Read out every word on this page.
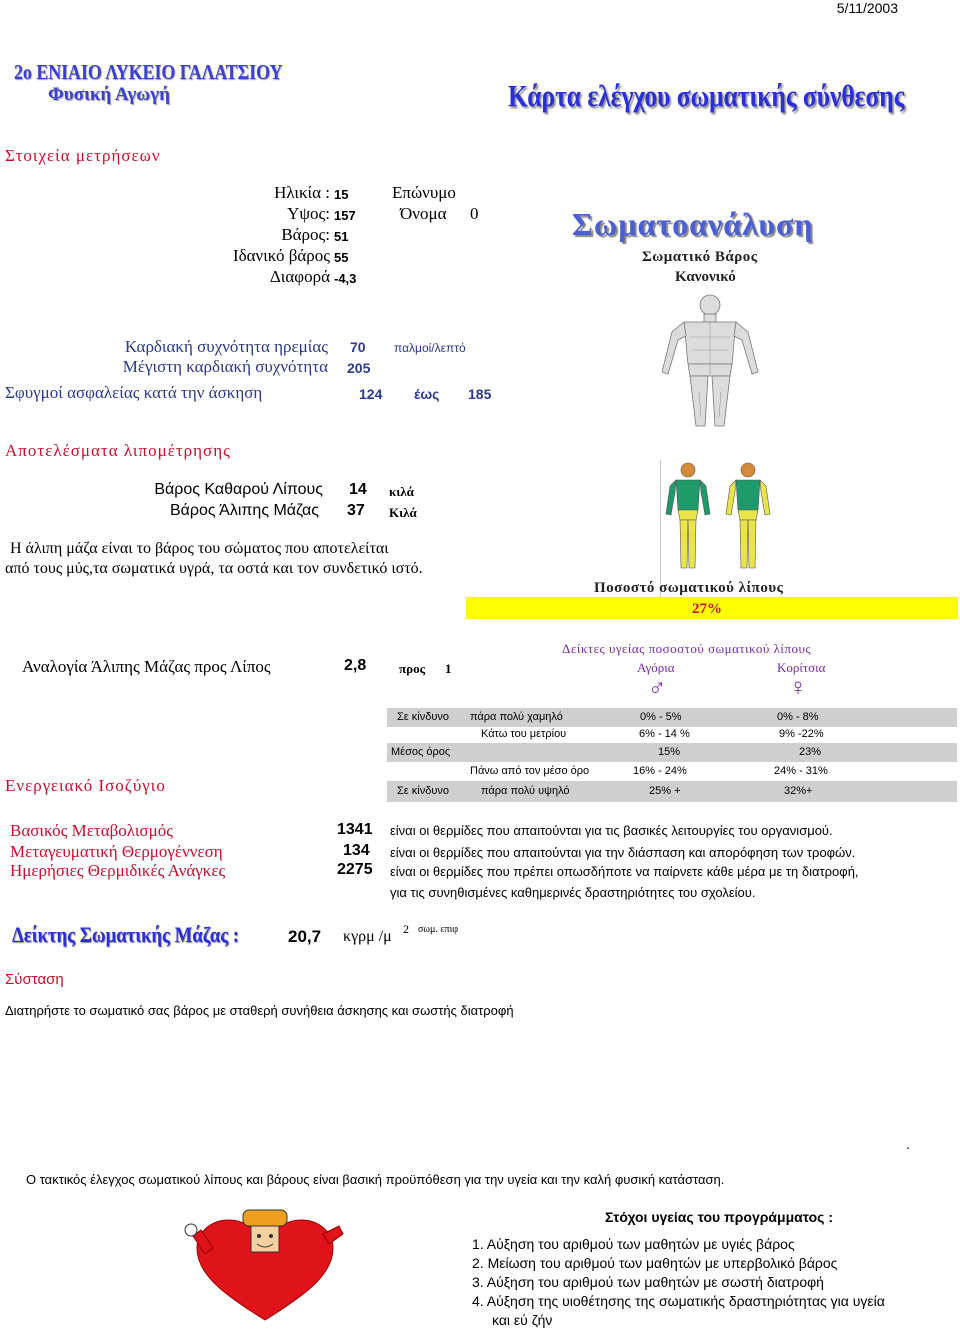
5/11/2003
2ο ΕΝΙΑΙΟ ΛΥΚΕΙΟ ΓΑΛΑΤΣΙΟΥ
Φυσική Αγωγή	Κάρτα ελέγχου σωματικής σύνθεσης
Στοιχεία μετρήσεων
Ηλικία : 15
Υψος: 157
Βάρος: 51
Ιδανικό βάρος 55
Διαφορά -4,3
Επώνυμο
Όνομα 0	Σωματοανάλυση
Σωματικό Βάρος
Κανονικό
Καρδιακή συχνότητα ηρεμίας 70 παλμοί/λεπτό
Μέγιστη καρδιακή συχνότητα 205
Σφυγμοί ασφαλείας κατά την άσκηση	124 έως 185
Αποτελέσματα λιπομέτρησης
Βάρος Καθαρού Λίπους 14 κιλά
Βάρος Άλιπης Μάζας 37 Κιλά
Η άλιπη μάζα είναι το βάρος του σώματος που αποτελείται
από τους μύς,τα σωματικά υγρά, τα οστά και τον συνδετικό ιστό.
Ποσοστό σωματικού λίπους
27%
Αναλογία Άλιπης Μάζας προς Λίπος	2,8	προς 1
Δείκτες υγείας ποσοστού σωματικού λίπους
Αγόρια	Κορίτσια
♂	♀
Σε κίνδυνο πάρα πολύ χαμηλό	0% - 5%	0% - 8%
Κάτω του μετρίου	6% - 14 %	9% -22%
Μέσος όρος	15%	23%
Πάνω από τον μέσο όρο	16% - 24%	24% - 31%
Σε κίνδυνο	πάρα πολύ υψηλό	25% +	32%+
Ενεργειακό Ισοζύγιο
Βασικός Μεταβολισμός	1341 είναι οι θερμίδες που απαιτούνται για τις βασικές λειτουργίες του οργανισμού.
Μεταγευματική Θερμογέννεση	134 είναι οι θερμίδες που απαιτούνται για την διάσπαση και απορόφηση των τροφών.
Ημερήσιες Θερμιδικές Ανάγκες	2275 είναι οι θερμίδες που πρέπει οπωσδήποτε να παίρνετε κάθε μέρα με τη διατροφή,
για τις συνηθισμένες καθημερινές δραστηριότητες του σχολείου.
Δείκτης Σωματικής Μάζας :	20,7 κγρμ /μ 2 σωμ. επιφ
Σύσταση
Διατηρήστε το σωματικό σας βάρος με σταθερή συνήθεια άσκησης και σωστής διατροφή
.
Ο τακτικός έλεγχος σωματικού λίπους και βάρους είναι βασική προϋπόθεση για την υγεία και την καλή φυσική κατάσταση.
Στόχοι υγείας του προγράμματος :
1. Αύξηση του αριθμού των μαθητών με υγιές βάρος
2. Μείωση του αριθμού των μαθητών με υπερβολικό βάρος
3. Αύξηση του αριθμού των μαθητών με σωστή διατροφή
4. Αύξηση της υιοθέτησης της σωματικής δραστηριότητας για υγεία
και εύ ζήν
